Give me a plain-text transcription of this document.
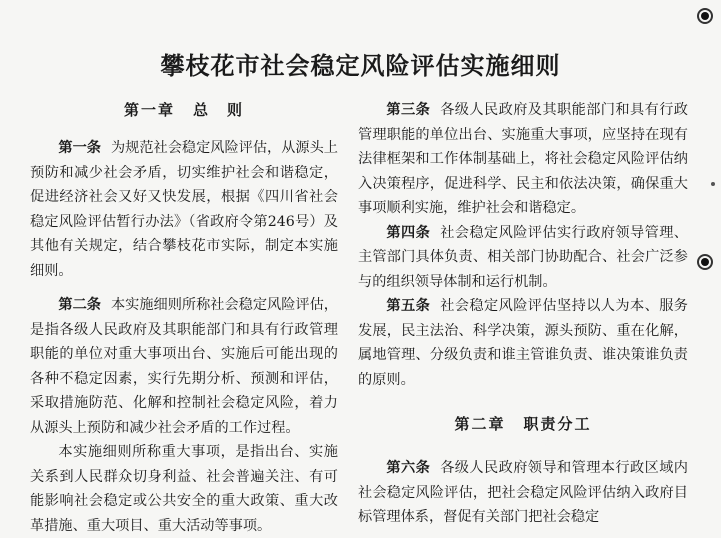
攀枝花市社会稳定风险评估实施细则
第一章 总　则

第一条 为规范社会稳定风险评估，从源头上预防和减少社会矛盾，切实维护社会和谐稳定，促进经济社会又好又快发展，根据《四川省社会稳定风险评估暂行办法》（省政府令第246号）及其他有关规定，结合攀枝花市实际，制定本实施细则。

第二条 本实施细则所称社会稳定风险评估，是指各级人民政府及其职能部门和具有行政管理职能的单位对重大事项出台、实施后可能出现的各种不稳定因素，实行先期分析、预测和评估，采取措施防范、化解和控制社会稳定风险，着力从源头上预防和减少社会矛盾的工作过程。

本实施细则所称重大事项，是指出台、实施关系到人民群众切身利益、社会普遍关注、有可能影响社会稳定或公共安全的重大政策、重大改革措施、重大项目、重大活动等事项。

第三条 各级人民政府及其职能部门和具有行政管理职能的单位出台、实施重大事项，应坚持在现有法律框架和工作体制基础上，将社会稳定风险评估纳入决策程序，促进科学、民主和依法决策，确保重大事项顺利实施，维护社会和谐稳定。

第四条 社会稳定风险评估实行政府领导管理、主管部门具体负责、相关部门协助配合、社会广泛参与的组织领导体制和运行机制。

第五条 社会稳定风险评估坚持以人为本、服务发展，民主法治、科学决策，源头预防、重在化解，属地管理、分级负责和谁主管谁负责、谁决策谁负责的原则。

第二章 职责分工

第六条 各级人民政府领导和管理本行政区域内社会稳定风险评估，把社会稳定风险评估纳入政府目标管理体系，督促有关部门把社会稳定
